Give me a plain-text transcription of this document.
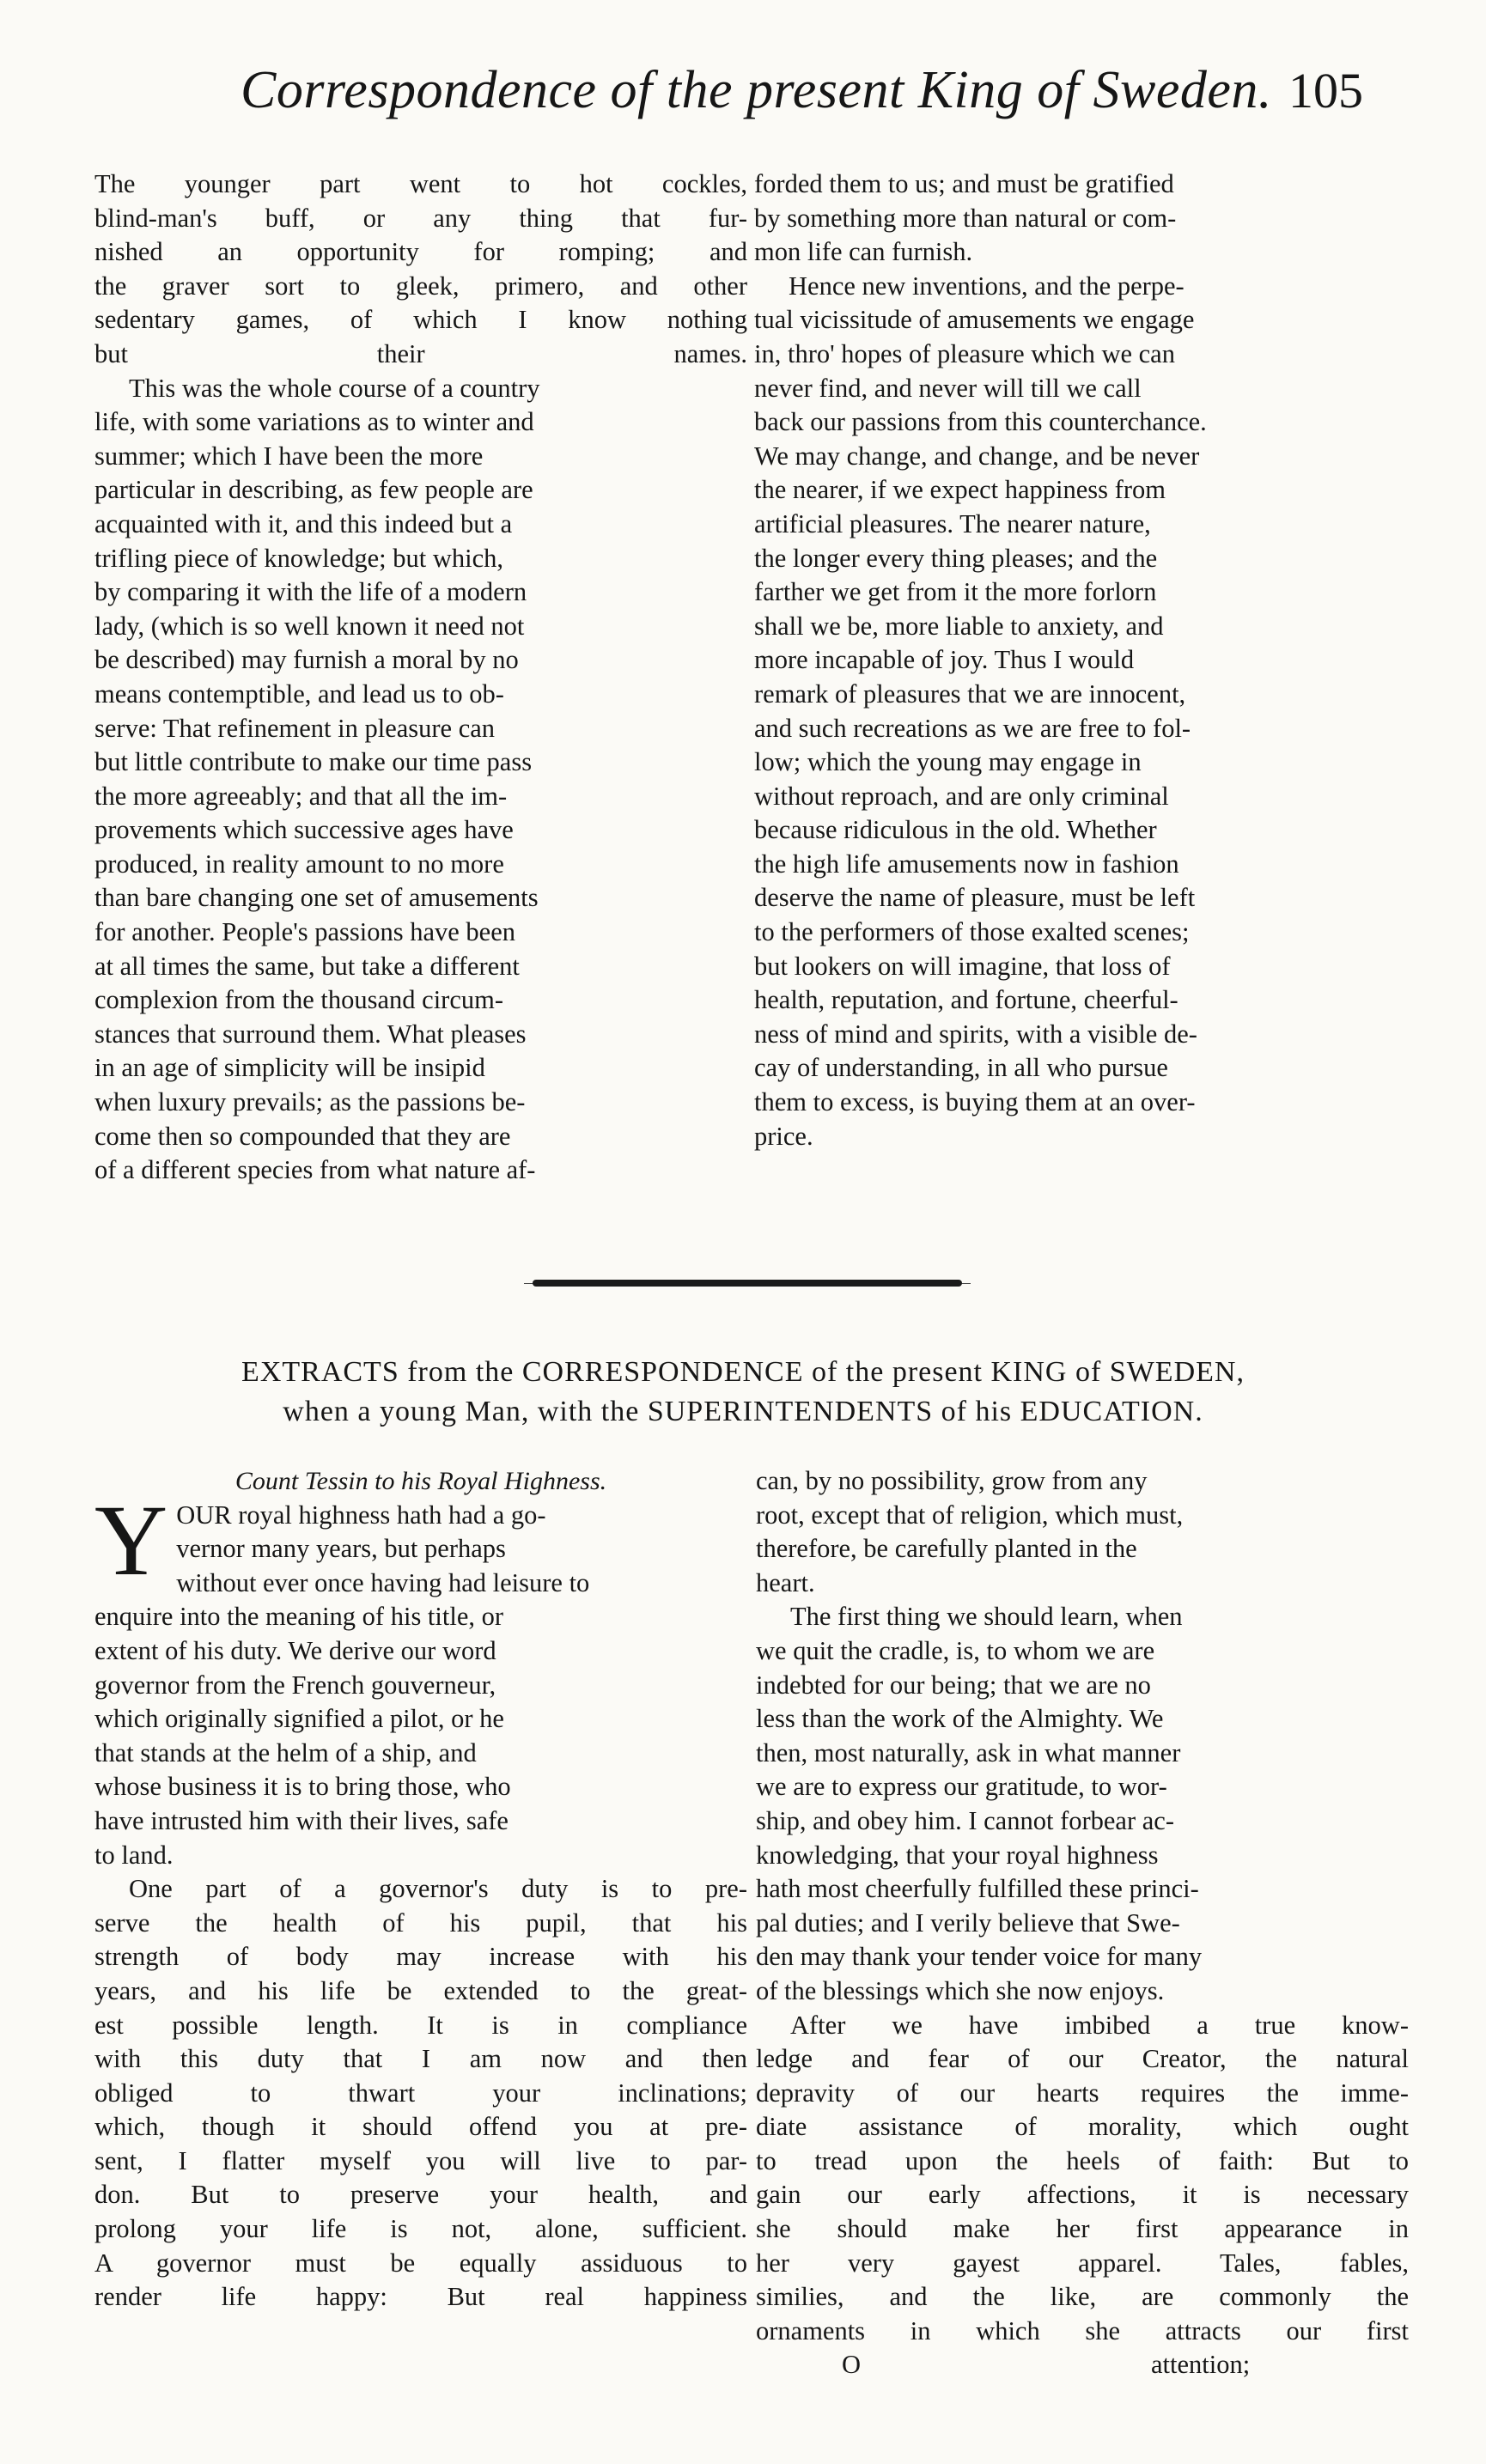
Correspondence of the present King of Sweden. 105

The younger part went to hot cockles,
blind-man's buff, or any thing that fur-
nished an opportunity for romping; and
the graver sort to gleek, primero, and other
sedentary games, of which I know nothing
but their names.

This was the whole course of a country
life, with some variations as to winter and
summer; which I have been the more
particular in describing, as few people are
acquainted with it, and this indeed but a
trifling piece of knowledge; but which,
by comparing it with the life of a modern
lady, (which is so well known it need not
be described) may furnish a moral by no
means contemptible, and lead us to ob-
serve: That refinement in pleasure can
but little contribute to make our time pass
the more agreeably; and that all the im-
provements which successive ages have
produced, in reality amount to no more
than bare changing one set of amusements
for another. People's passions have been
at all times the same, but take a different
complexion from the thousand circum-
stances that surround them. What pleases
in an age of simplicity will be insipid
when luxury prevails; as the passions be-
come then so compounded that they are
of a different species from what nature af-

forded them to us; and must be gratified
by something more than natural or com-
mon life can furnish.

Hence new inventions, and the perpe-
tual vicissitude of amusements we engage
in, thro' hopes of pleasure which we can
never find, and never will till we call
back our passions from this counterchance.
We may change, and change, and be never
the nearer, if we expect happiness from
artificial pleasures. The nearer nature,
the longer every thing pleases; and the
farther we get from it the more forlorn
shall we be, more liable to anxiety, and
more incapable of joy. Thus I would
remark of pleasures that we are innocent,
and such recreations as we are free to fol-
low; which the young may engage in
without reproach, and are only criminal
because ridiculous in the old. Whether
the high life amusements now in fashion
deserve the name of pleasure, must be left
to the performers of those exalted scenes;
but lookers on will imagine, that loss of
health, reputation, and fortune, cheerful-
ness of mind and spirits, with a visible de-
cay of understanding, in all who pursue
them to excess, is buying them at an over-
price.

EXTRACTS from the CORRESPONDENCE of the present KING of SWEDEN,
when a young Man, with the SUPERINTENDENTS of his EDUCATION.

Count Tessin to his Royal Highness.

Y OUR royal highness hath had a go-
vernor many years, but perhaps
without ever once having had leisure to
enquire into the meaning of his title, or
extent of his duty. We derive our word
governor from the French gouverneur,
which originally signified a pilot, or he
that stands at the helm of a ship, and
whose business it is to bring those, who
have intrusted him with their lives, safe
to land.

One part of a governor's duty is to pre-
serve the health of his pupil, that his
strength of body may increase with his
years, and his life be extended to the great-
est possible length. It is in compliance
with this duty that I am now and then
obliged to thwart your inclinations;
which, though it should offend you at pre-
sent, I flatter myself you will live to par-
don. But to preserve your health, and
prolong your life is not, alone, sufficient.
A governor must be equally assiduous to
render life happy: But real happiness

can, by no possibility, grow from any
root, except that of religion, which must,
therefore, be carefully planted in the
heart.

The first thing we should learn, when
we quit the cradle, is, to whom we are
indebted for our being; that we are no
less than the work of the Almighty. We
then, most naturally, ask in what manner
we are to express our gratitude, to wor-
ship, and obey him. I cannot forbear ac-
knowledging, that your royal highness
hath most cheerfully fulfilled these princi-
pal duties; and I verily believe that Swe-
den may thank your tender voice for many
of the blessings which she now enjoys.

After we have imbibed a true know-
ledge and fear of our Creator, the natural
depravity of our hearts requires the imme-
diate assistance of morality, which ought
to tread upon the heels of faith: But to
gain our early affections, it is necessary
she should make her first appearance in
her very gayest apparel. Tales, fables,
similies, and the like, are commonly the
ornaments in which she attracts our first

O	attention;
